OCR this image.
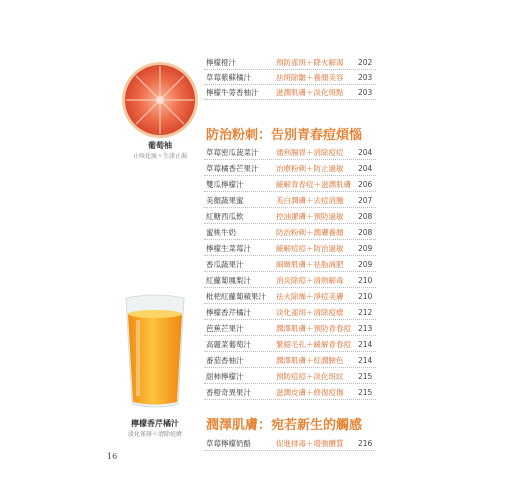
葡萄柚
止咳化痰＋生津止渴
檸檬香芹橘汁
淡化雀斑＋清除痘瘡
檸檬橙汁	預防雀斑＋降火解渴 202
草莓紫蘇橘汁	祛斑除皺＋養顏美容 203
檸檬牛蒡香柚汁 滋潤肌膚＋淡化斑點 203
防治粉刺：告別青春痘煩惱
草莓密瓜菠菜汁 通利腸胃＋消除痘痘 204
草莓橘香芒果汁 治療粉刺＋防止過敏 204
雙瓜檸檬汁	緩解青春痘＋滋潤肌膚 206
美顏蔬果蜜	美白潤膚＋去痘消腫 207
紅糖西瓜飲	控油潔膚＋預防過敏 208
蜜桃牛奶	防治粉刺＋潤膚養顏 208
檸檬生菜莓汁	緩解痘痘＋防治過敏 209
香瓜蔬果汁	細緻肌膚＋祛脂減肥 209
紅蘿蔔鳳梨汁	消炎除痘＋清熱解毒 210
枇杷紅蘿蔔蘋果汁 祛火除燥＋淨痘美膚 210
檸檬香芹橘汁	淡化雀斑＋清除痘瘡 212
芭蕉芒果汁	潤澤肌膚＋預防青春痘 213
高麗菜葡萄汁	緊縮毛孔＋緩解青春痘 214
番茄香柚汁	潤澤肌膚＋紅潤臉色 214
甜柿檸檬汁	預防痘痘＋淡化斑紋 215
香橙奇異果汁	滋潤皮膚＋修復痘傷 215
潤澤肌膚：宛若新生的觸感
草莓檸檬奶酪	促進排毒＋增強體質 216
16
